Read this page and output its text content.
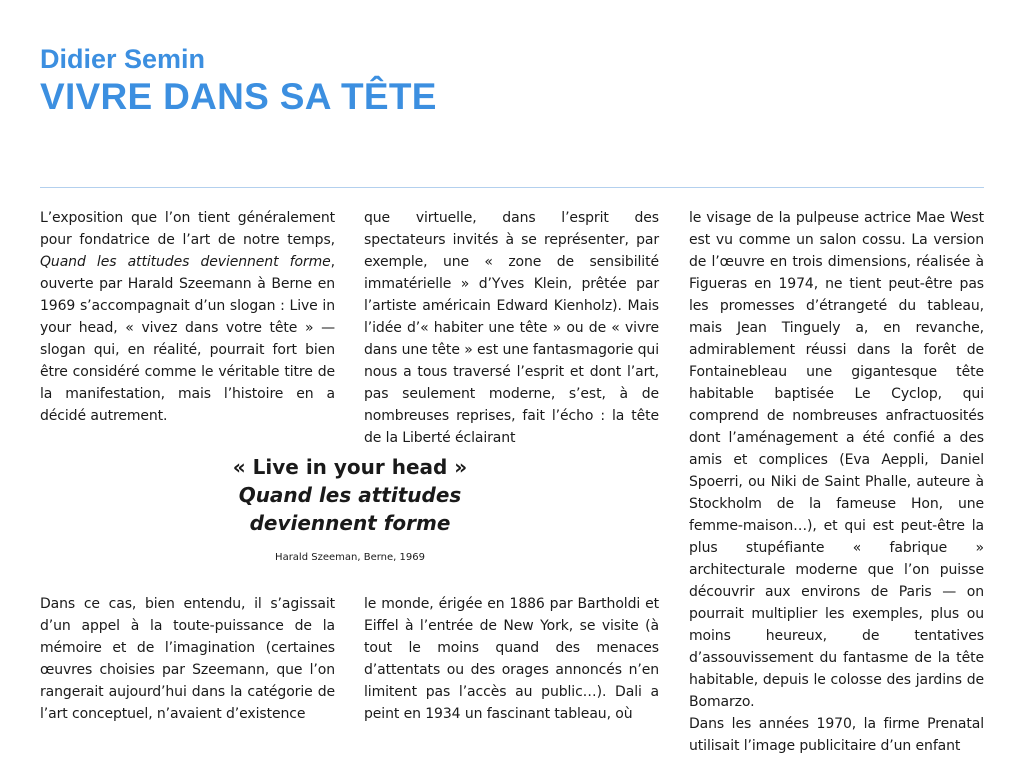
Didier Semin
VIVRE DANS SA TÊTE

L’exposition que l’on tient généralement pour fondatrice de l’art de notre temps, Quand les attitudes deviennent forme, ouverte par Harald Szeemann à Berne en 1969 s’accompagnait d’un slogan : Live in your head, « vivez dans votre tête » — slogan qui, en réalité, pourrait fort bien être considéré comme le véritable titre de la manifestation, mais l’histoire en a décidé autrement.

que virtuelle, dans l’esprit des spectateurs invités à se représenter, par exemple, une « zone de sensibilité immatérielle » d’Yves Klein, prêtée par l’artiste américain Edward Kienholz). Mais l’idée d’« habiter une tête » ou de « vivre dans une tête » est une fantasmagorie qui nous a tous traversé l’esprit et dont l’art, pas seulement moderne, s’est, à de nombreuses reprises, fait l’écho : la tête de la Liberté éclairant

le visage de la pulpeuse actrice Mae West est vu comme un salon cossu. La version de l’œuvre en trois dimensions, réalisée à Figueras en 1974, ne tient peut-être pas les promesses d’étrangeté du tableau, mais Jean Tinguely a, en revanche, admirablement réussi dans la forêt de Fontainebleau une gigantesque tête habitable baptisée Le Cyclop, qui comprend de nombreuses anfractuosités dont l’aménagement a été confié a des amis et complices (Eva Aeppli, Daniel Spoerri, ou Niki de Saint Phalle, auteure à Stockholm de la fameuse Hon, une femme-maison…), et qui est peut-être la plus stupéfiante « fabrique » architecturale moderne que l’on puisse découvrir aux environs de Paris — on pourrait multiplier les exemples, plus ou moins heureux, de tentatives d’assouvissement du fantasme de la tête habitable, depuis le colosse des jardins de Bomarzo.

Dans les années 1970, la firme Prenatal utilisait l’image publicitaire d’un enfant

« Live in your head »
Quand les attitudes
deviennent forme

Harald Szeeman, Berne, 1969

Dans ce cas, bien entendu, il s’agissait d’un appel à la toute-puissance de la mémoire et de l’imagination (certaines œuvres choisies par Szeemann, que l’on rangerait aujourd’hui dans la catégorie de l’art conceptuel, n’avaient d’existence

le monde, érigée en 1886 par Bartholdi et Eiffel à l’entrée de New York, se visite (à tout le moins quand des menaces d’attentats ou des orages annoncés n’en limitent pas l’accès au public…). Dali a peint en 1934 un fascinant tableau, où
